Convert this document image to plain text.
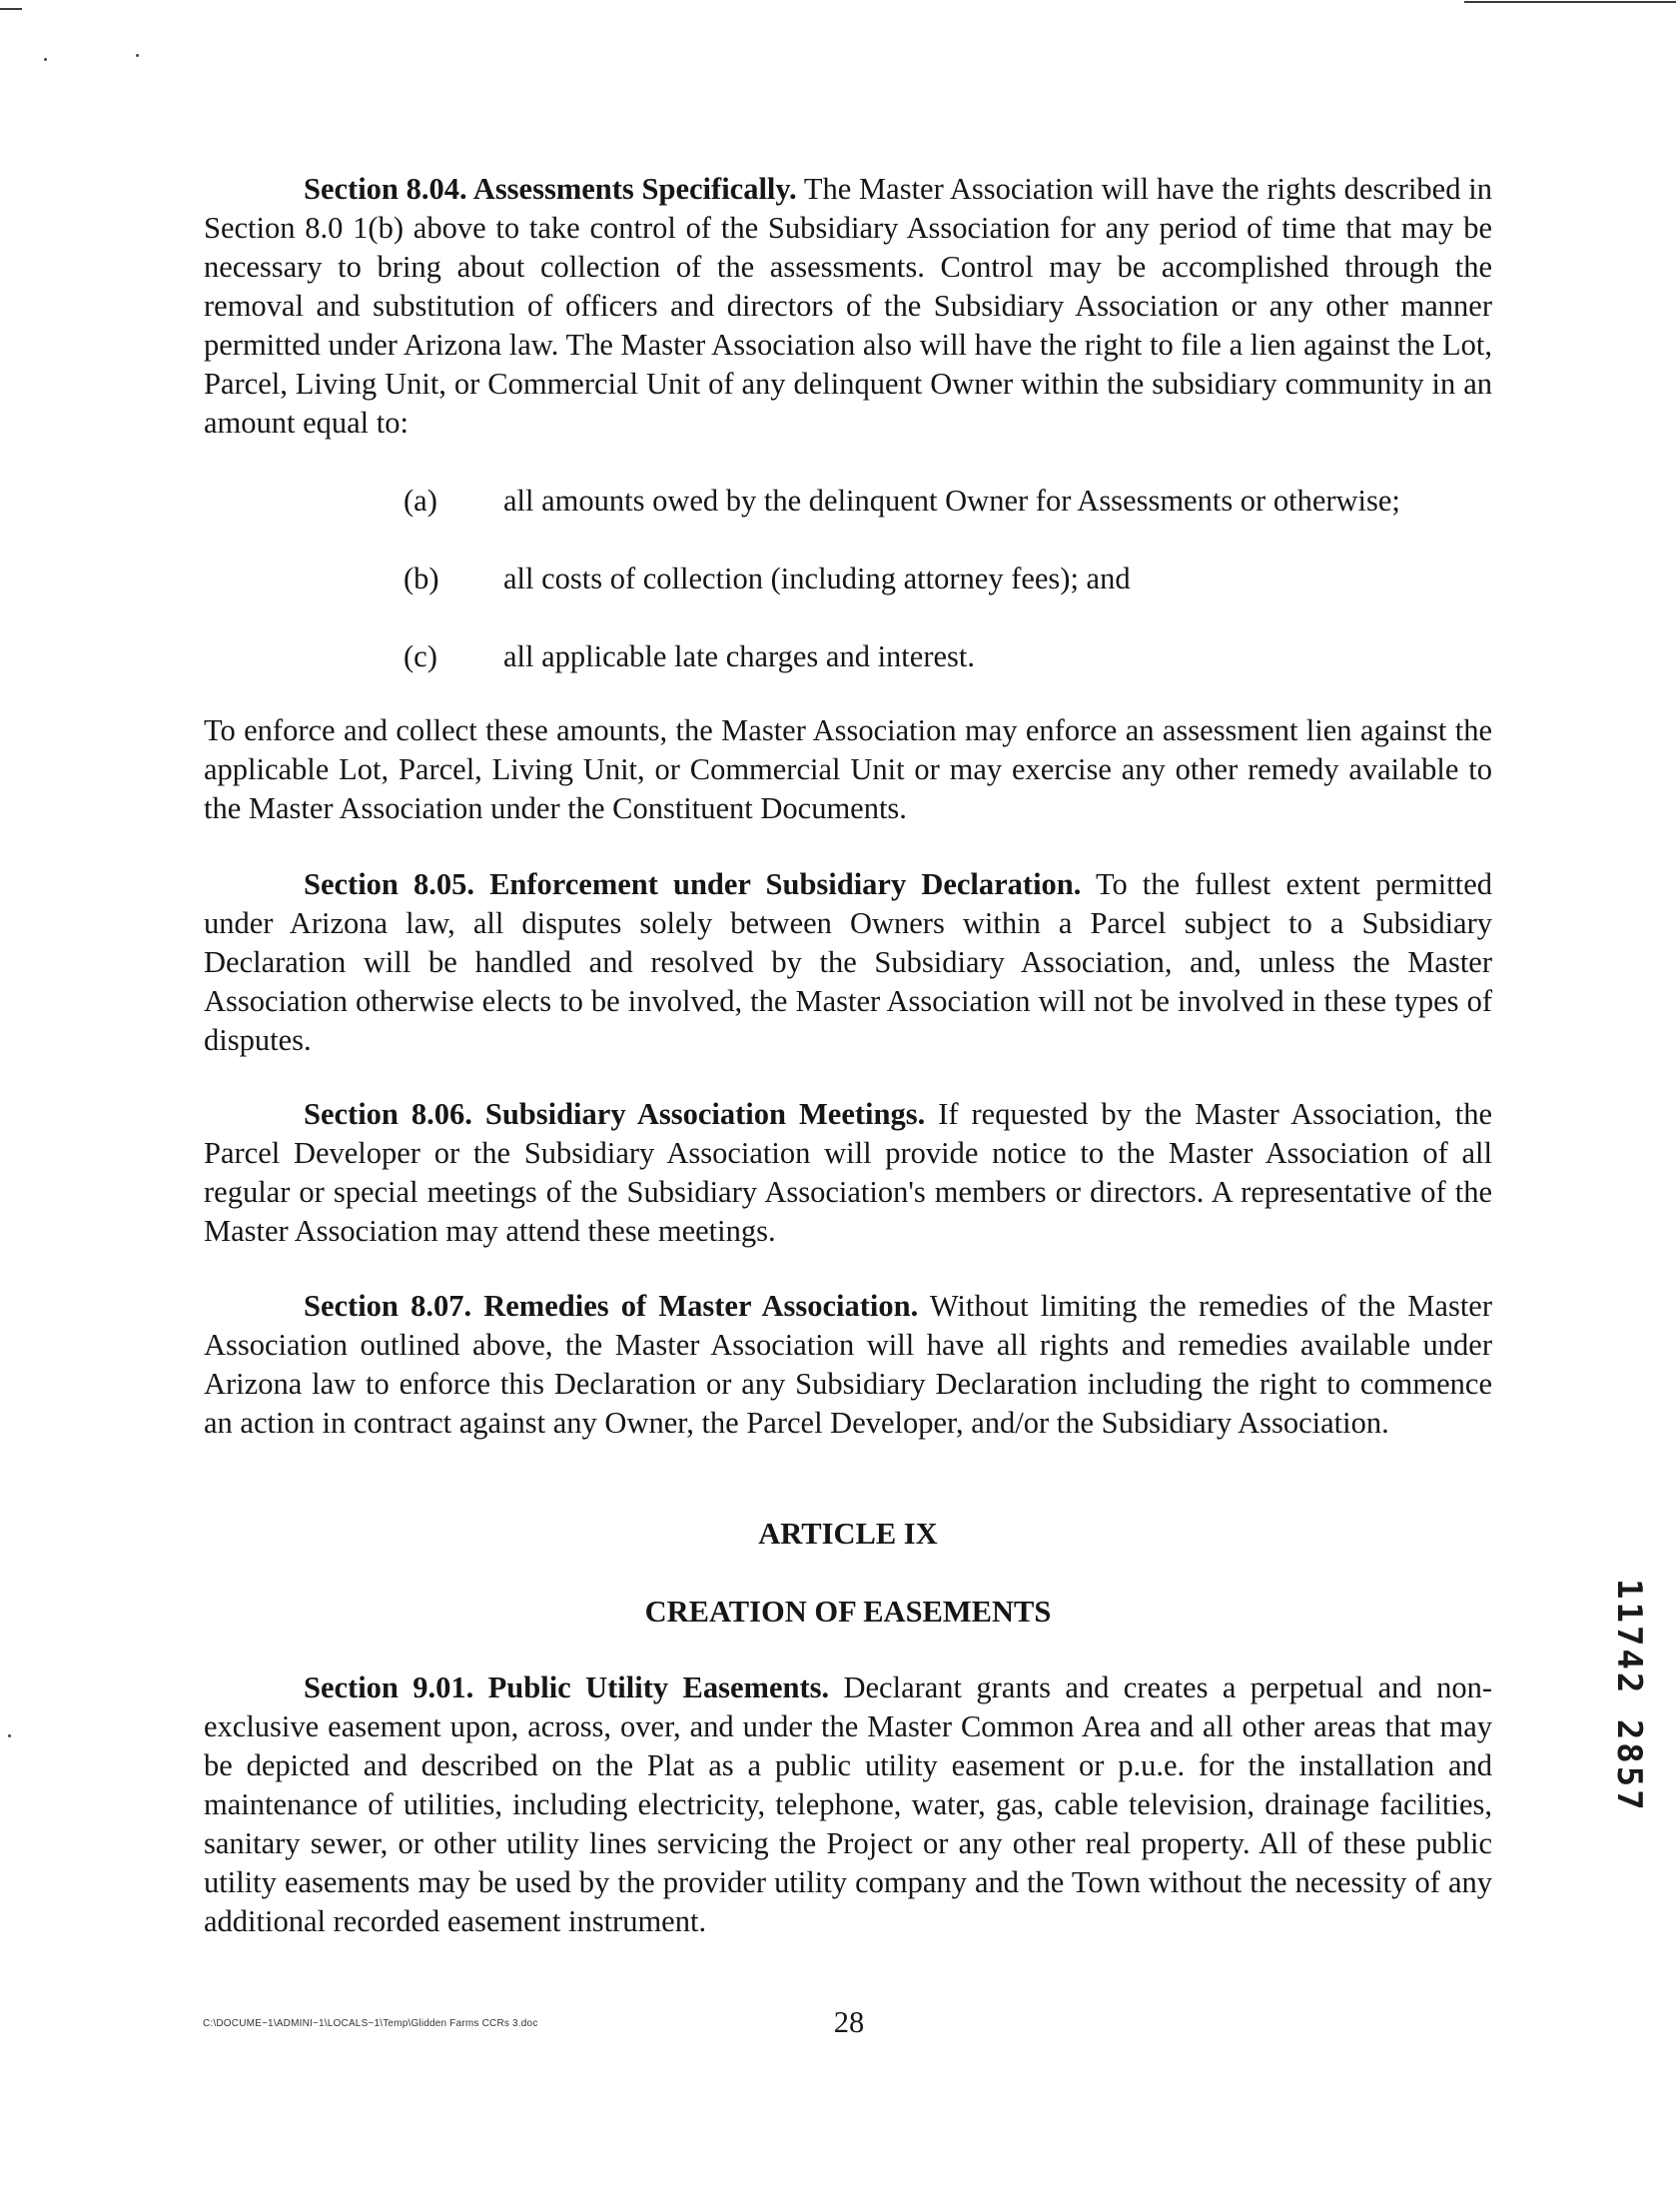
Section 8.04. Assessments Specifically. The Master Association will have the rights described in Section 8.0 1(b) above to take control of the Subsidiary Association for any period of time that may be necessary to bring about collection of the assessments. Control may be accomplished through the removal and substitution of officers and directors of the Subsidiary Association or any other manner permitted under Arizona law. The Master Association also will have the right to file a lien against the Lot, Parcel, Living Unit, or Commercial Unit of any delinquent Owner within the subsidiary community in an amount equal to:
(a)	all amounts owed by the delinquent Owner for Assessments or otherwise;
(b)	all costs of collection (including attorney fees); and
(c)	all applicable late charges and interest.
To enforce and collect these amounts, the Master Association may enforce an assessment lien against the applicable Lot, Parcel, Living Unit, or Commercial Unit or may exercise any other remedy available to the Master Association under the Constituent Documents.
Section 8.05. Enforcement under Subsidiary Declaration. To the fullest extent permitted under Arizona law, all disputes solely between Owners within a Parcel subject to a Subsidiary Declaration will be handled and resolved by the Subsidiary Association, and, unless the Master Association otherwise elects to be involved, the Master Association will not be involved in these types of disputes.
Section 8.06. Subsidiary Association Meetings. If requested by the Master Association, the Parcel Developer or the Subsidiary Association will provide notice to the Master Association of all regular or special meetings of the Subsidiary Association's members or directors. A representative of the Master Association may attend these meetings.
Section 8.07. Remedies of Master Association. Without limiting the remedies of the Master Association outlined above, the Master Association will have all rights and remedies available under Arizona law to enforce this Declaration or any Subsidiary Declaration including the right to commence an action in contract against any Owner, the Parcel Developer, and/or the Subsidiary Association.
ARTICLE IX
CREATION OF EASEMENTS
Section 9.01. Public Utility Easements. Declarant grants and creates a perpetual and non-exclusive easement upon, across, over, and under the Master Common Area and all other areas that may be depicted and described on the Plat as a public utility easement or p.u.e. for the installation and maintenance of utilities, including electricity, telephone, water, gas, cable television, drainage facilities, sanitary sewer, or other utility lines servicing the Project or any other real property. All of these public utility easements may be used by the provider utility company and the Town without the necessity of any additional recorded easement instrument.
11742 2857
C:\DOCUME~1\ADMINI~1\LOCALS~1\Temp\Glidden Farms CCRs 3.doc	28
